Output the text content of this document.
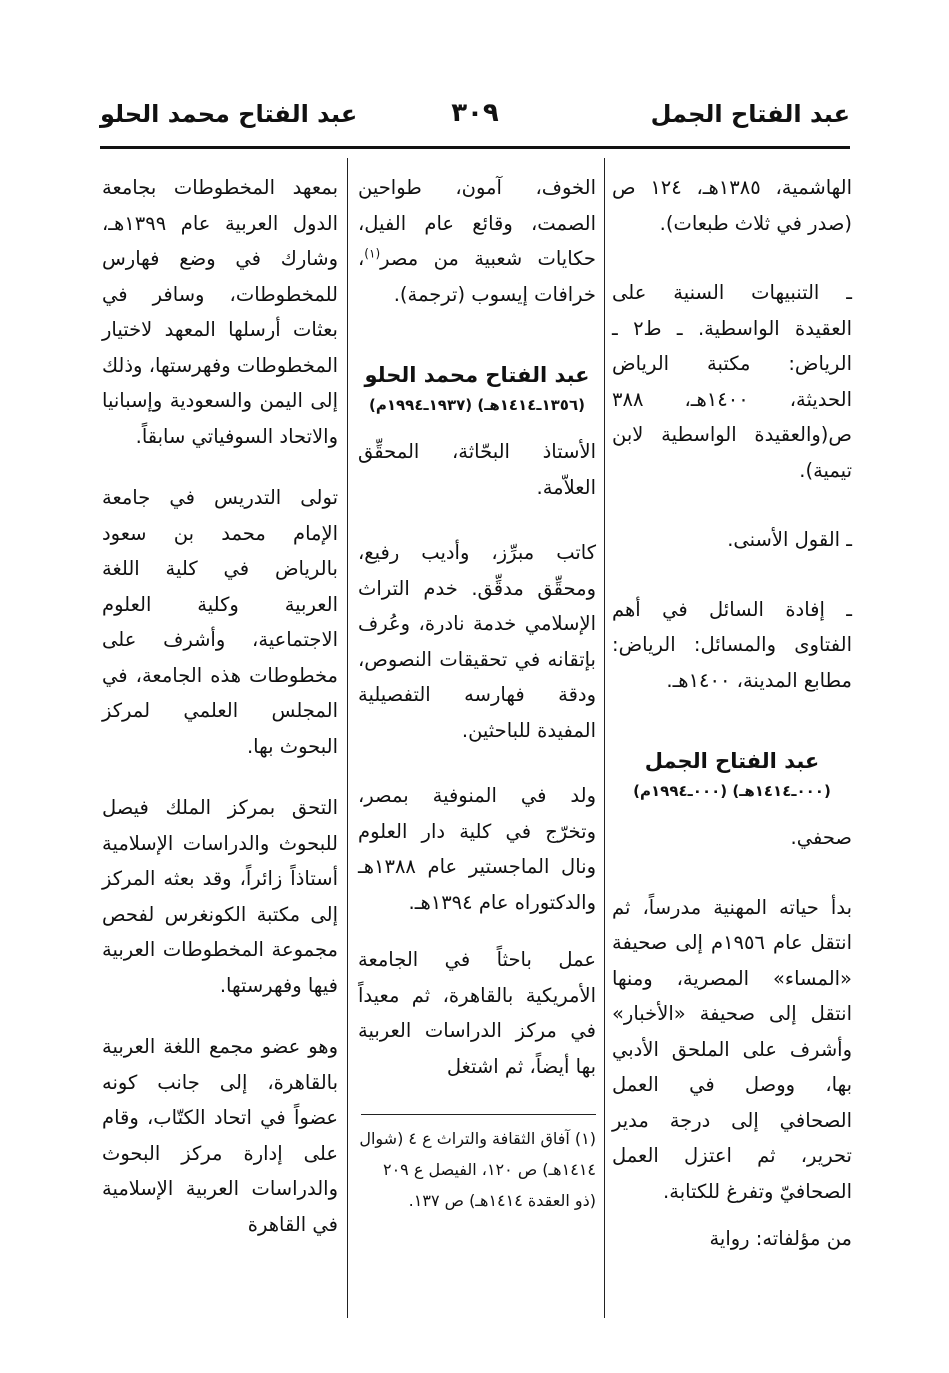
عبد الفتاح الجمل
٣٠٩
عبد الفتاح محمد الحلو

الهاشمية، ١٣٨٥هـ، ١٢٤ ص (صدر في ثلاث طبعات).

ـ التنبيهات السنية على العقيدة الواسطية. ـ ط٢ ـ الرياض: مكتبة الرياض الحديثة، ١٤٠٠هـ، ٣٨٨ ص(والعقيدة الواسطية لابن تيمية).

ـ القول الأسنى.

ـ إفادة السائل في أهم الفتاوى والمسائل: الرياض: مطابع المدينة، ١٤٠٠هـ.

عبد الفتاح الجمل
(٠٠٠ـ١٤١٤هـ) (٠٠٠ـ١٩٩٤م)

صحفي.

بدأ حياته المهنية مدرساً، ثم انتقل عام ١٩٥٦م إلى صحيفة «المساء» المصرية، ومنها انتقل إلى صحيفة «الأخبار» وأشرف على الملحق الأدبي بها، ووصل في العمل الصحافي إلى درجة مدير تحرير، ثم اعتزل العمل الصحافيّ وتفرغ للكتابة.

من مؤلفاته: رواية

الخوف، آمون، طواحين الصمت، وقائع عام الفيل، حكايات شعبية من مصر$^{(١)}$، خرافات إيسوب (ترجمة).

عبد الفتاح محمد الحلو
(١٣٥٦ـ١٤١٤هـ) (١٩٣٧ـ١٩٩٤م)

الأستاذ البحّاثة، المحقِّق العلاّمة.

كاتب مبرِّز، وأديب رفيع، ومحقِّق مدقِّق. خدم التراث الإسلامي خدمة نادرة، وعُرف بإتقانه في تحقيقات النصوص، ودقة فهارسه التفصيلية المفيدة للباحثين.

ولد في المنوفية بمصر، وتخرّج في كلية دار العلوم ونال الماجستير عام ١٣٨٨هـ والدكتوراه عام ١٣٩٤هـ.

عمل باحثاً في الجامعة الأمريكية بالقاهرة، ثم معيداً في مركز الدراسات العربية بها أيضاً، ثم اشتغل

(١) آفاق الثقافة والتراث ع ٤ (شوال ١٤١٤هـ) ص ١٢٠، الفيصل ع ٢٠٩ (ذو العقدة ١٤١٤هـ) ص ١٣٧.

بمعهد المخطوطات بجامعة الدول العربية عام ١٣٩٩هـ، وشارك في وضع فهارس للمخطوطات، وسافر في بعثات أرسلها المعهد لاختيار المخطوطات وفهرستها، وذلك إلى اليمن والسعودية وإسبانيا والاتحاد السوفياتي سابقاً.

تولى التدريس في جامعة الإمام محمد بن سعود بالرياض في كلية اللغة العربية وكلية العلوم الاجتماعية، وأشرف على مخطوطات هذه الجامعة، في المجلس العلمي لمركز البحوث بها.

التحق بمركز الملك فيصل للبحوث والدراسات الإسلامية أستاذاً زائراً، وقد بعثه المركز إلى مكتبة الكونغرس لفحص مجموعة المخطوطات العربية فيها وفهرستها.

وهو عضو مجمع اللغة العربية بالقاهرة، إلى جانب كونه عضواً في اتحاد الكتّاب، وقام على إدارة مركز البحوث والدراسات العربية الإسلامية في القاهرة
